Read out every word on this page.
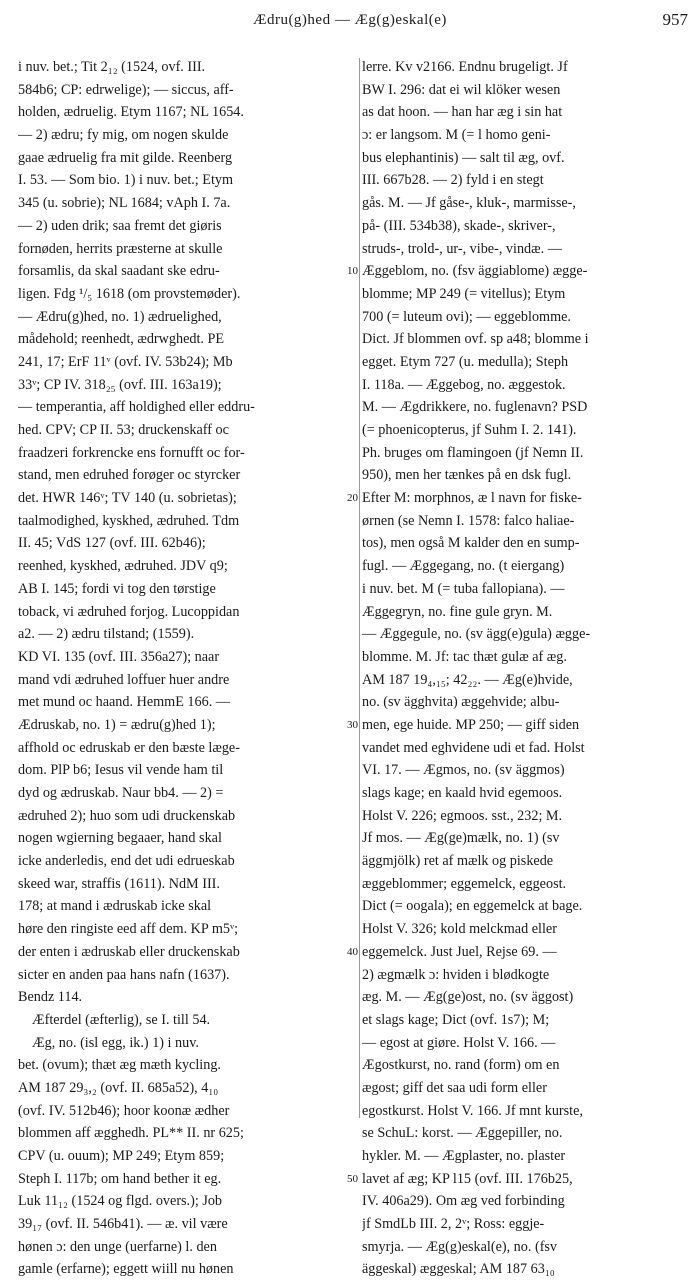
Ædru(g)hed — Æg(g)eskal(e)	957
i nuv. bet.; Tit 2₁₂ (1524, ovf. III.
584b6; CP: edrwelige); — siccus, aff-
holden, ædruelig. Etym 1167; NL 1654.
— 2) ædru; fy mig, om nogen skulde
gaae ædruelig fra mit gilde. Reenberg
I. 53. — Som bio. 1) i nuv. bet.; Etym
345 (u. sobrie); NL 1684; vAph I. 7a.
— 2) uden drik; saa fremt det giøris
fornøden, herrits præsterne at skulle
forsamlis, da skal saadant ske edru-
ligen. Fdg ¹/₅ 1618 (om provstemøder).
— Ædru(g)hed, no. 1) ædruelighed,
mådehold; reenhedt, ædrwghedt. PE
241, 17; ErF 11ᵛ (ovf. IV. 53b24); Mb
33ᵛ; CP IV. 318₂₅ (ovf. III. 163a19);
— temperantia, aff holdighed eller eddru-
hed. CPV; CP II. 53; druckenskaff oc
fraadzeri forkrencke ens fornufft oc for-
stand, men edruhed forøger oc styrcker
det. HWR 146ᵛ; TV 140 (u. sobrietas);
taalmodighed, kyskhed, ædruhed. Tdm
II. 45; VdS 127 (ovf. III. 62b46);
reenhed, kyskhed, ædruhed. JDV q9;
AB I. 145; fordi vi tog den tørstige
toback, vi ædruhed forjog. Lucoppidan
a2. — 2) ædru tilstand; (1559).
KD VI. 135 (ovf. III. 356a27); naar
mand vdi ædruhed loffuer huer andre
met mund oc haand. HemmE 166. —
Ædruskab, no. 1) = ædru(g)hed 1);
affhold oc edruskab er den bæste læge-
dom. PlP b6; Iesus vil vende ham til
dyd og ædruskab. Naur bb4. — 2) =
ædruhed 2); huo som udi druckenskab
nogen wgierning begaaer, hand skal
icke anderledis, end det udi edrueskab
skeed war, straffis (1611). NdM III.
178; at mand i ædruskab icke skal
høre den ringiste eed aff dem. KP m5ᵛ;
der enten i ædruskab eller druckenskab
sicter en anden paa hans nafn (1637).
Bendz 114.
Æfterdel (æfterlig), se I. till 54.
Æg, no. (isl egg, ik.) 1) i nuv.
bet. (ovum); thæt æg mæth kycling.
AM 187 29₃,₂ (ovf. II. 685a52), 4₁₀
(ovf. IV. 512b46); hoor koonæ ædher
blommen aff ægghedh. PL** II. nr 625;
CPV (u. ouum); MP 249; Etym 859;
Steph I. 117b; om hand bether it eg.
Luk 11₁₂ (1524 og flgd. overs.); Job
39₁₇ (ovf. II. 546b41). — æ. vil være
hønen ɔ: den unge (uerfarne) l. den
gamle (erfarne); eggett wiill nu hønen
lerre. Kv v2166. Endnu brugeligt. Jf
BW I. 296: dat ei wil klöker wesen
as dat hoon. — han har æg i sin hat
ɔ: er langsom. M (= l homo geni-
bus elephantinis) — salt til æg, ovf.
III. 667b28. — 2) fyld i en stegt
gås. M. — Jf gåse-, kluk-, marmisse-,
på- (III. 534b38), skade-, skriver-,
struds-, trold-, ur-, vibe-, vindæ. —
Æggeblom, no. (fsv äggiablome) ægge-
blomme; MP 249 (= vitellus); Etym
700 (= luteum ovi); — eggeblomme.
Dict. Jf blommen ovf. sp a48; blomme i
egget. Etym 727 (u. medulla); Steph
I. 118a. — Æggebog, no. æggestok.
M. — Ægdrikkere, no. fuglenavn? PSD
(= phoenicopterus, jf Suhm I. 2. 141).
Ph. bruges om flamingoen (jf Nemn II.
950), men her tænkes på en dsk fugl.
Efter M: morphnos, æ l navn for fiske-
ørnen (se Nemn I. 1578: falco haliae-
tos), men også M kalder den en sump-
fugl. — Æggegang, no. (t eiergang)
i nuv. bet. M (= tuba fallopiana). —
Æggegryn, no. fine gule gryn. M.
— Æggegule, no. (sv ägg(e)gula) ægge-
blomme. M. Jf: tac thæt gulæ af æg.
AM 187 19₄,₁₅; 42₂₂. — Æg(e)hvide,
no. (sv ägghvita) æggehvide; albu-
men, ege huide. MP 250; — giff siden
vandet med eghvidene udi et fad. Holst
VI. 17. — Ægmos, no. (sv äggmos)
slags kage; en kaald hvid egemoos.
Holst V. 226; egmoos. sst., 232; M.
Jf mos. — Æg(ge)mælk, no. 1) (sv
äggmjölk) ret af mælk og piskede
æggeblommer; eggemelck, eggeost.
Dict (= oogala); en eggemelck at bage.
Holst V. 326; kold melckmad eller
eggemelck. Just Juel, Rejse 69. —
2) ægmælk ɔ: hviden i blødkogte
æg. M. — Æg(ge)ost, no. (sv äggost)
et slags kage; Dict (ovf. 1s7); M;
— egost at giøre. Holst V. 166. —
Ægostkurst, no. rand (form) om en
ægost; giff det saa udi form eller
egostkurst. Holst V. 166. Jf mnt kurste,
se SchuL: korst. — Æggepiller, no.
hykler. M. — Ægplaster, no. plaster
lavet af æg; KP l15 (ovf. III. 176b25,
IV. 406a29). Om æg ved forbinding
jf SmdLb III. 2, 2ᵛ; Ross: eggje-
smyrja. — Æg(g)eskal(e), no. (fsv
äggeskal) æggeskal; AM 187 63₁₀
10
20
30
40
50
